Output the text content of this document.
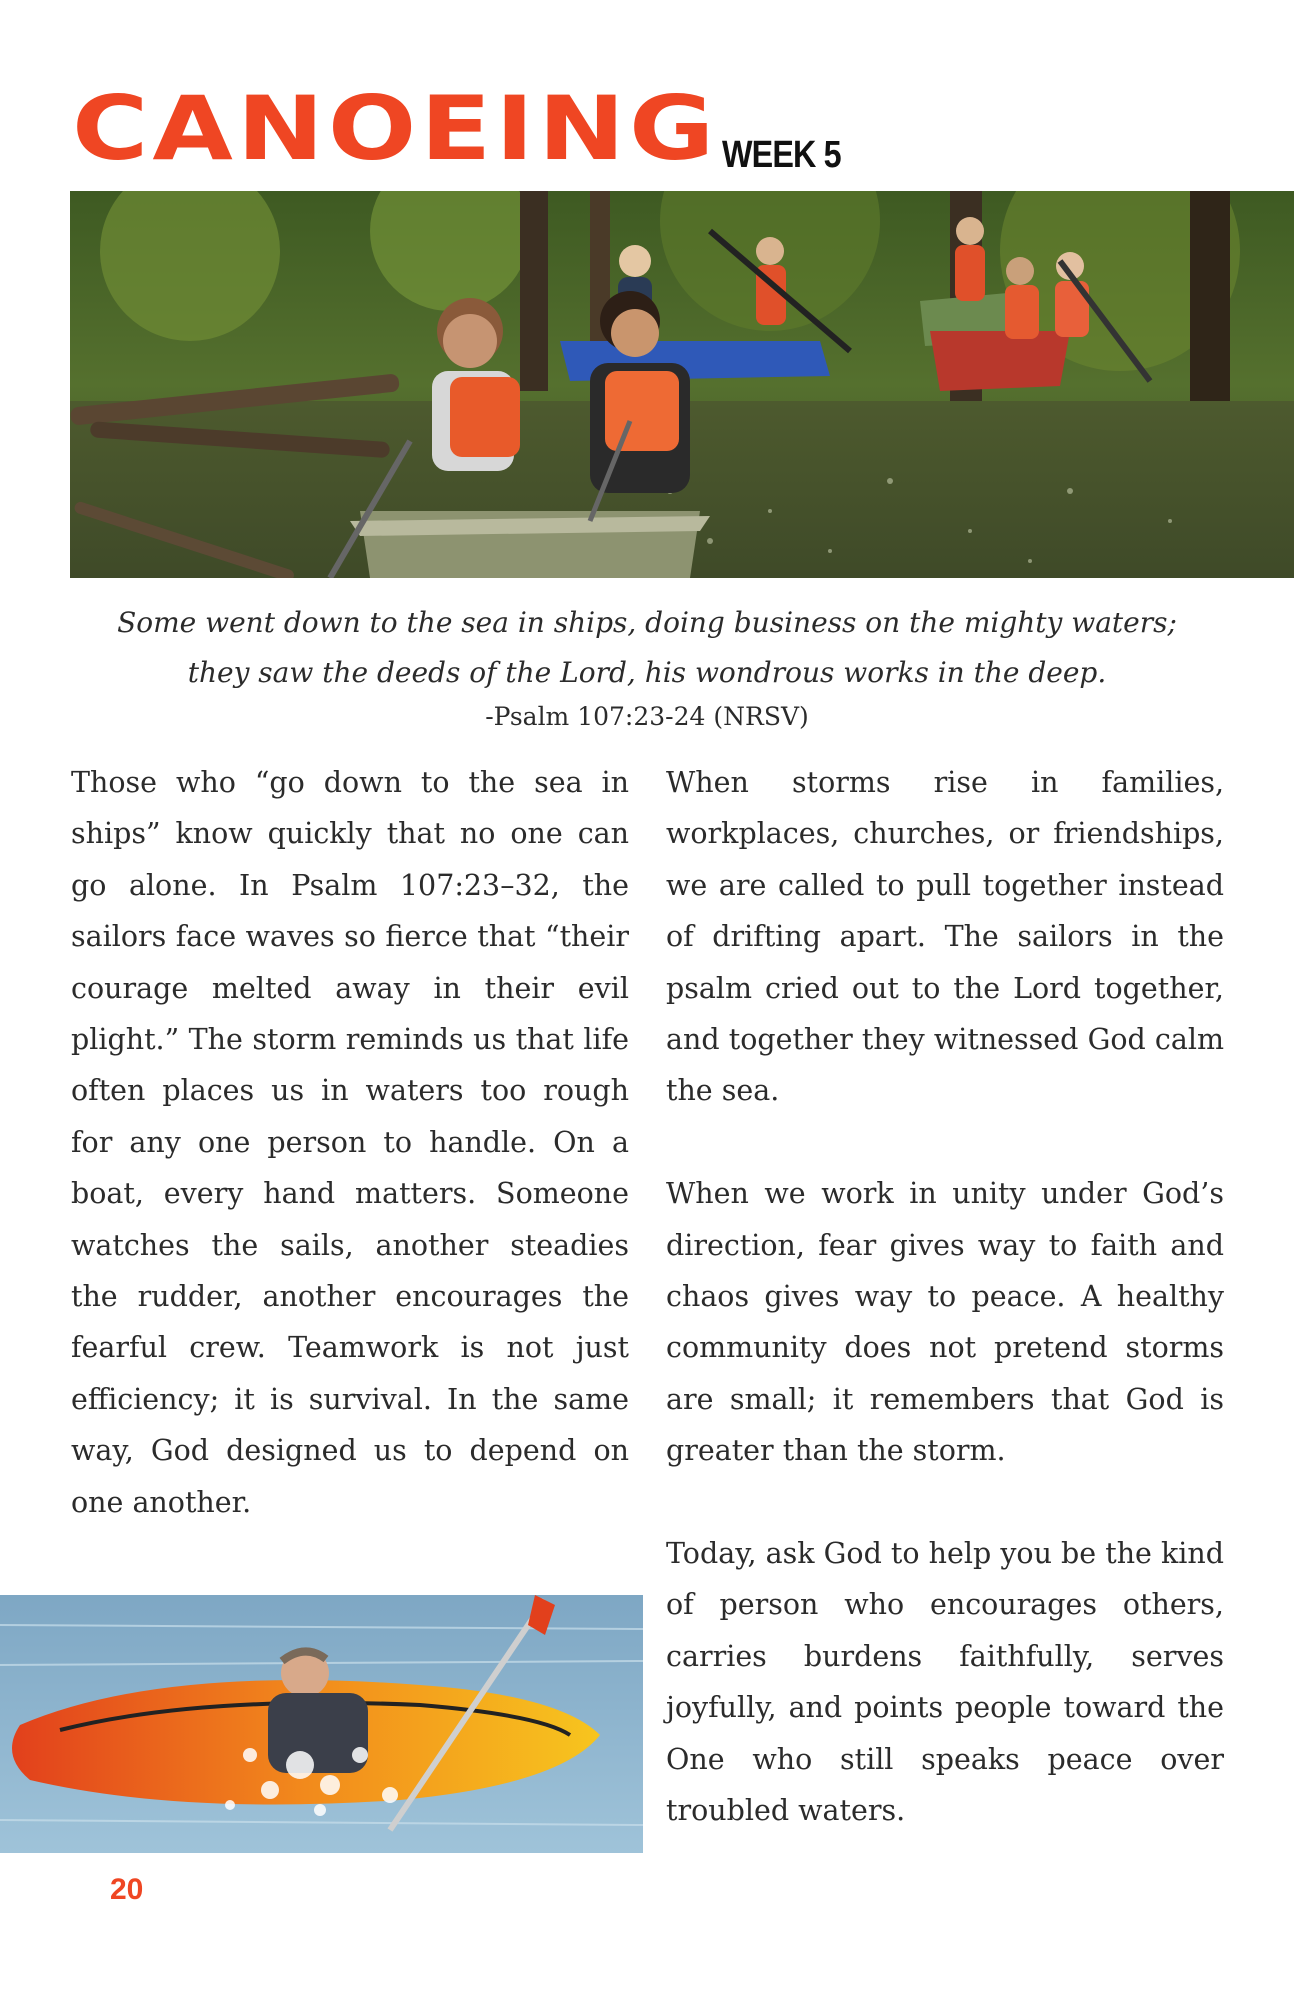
CANOEING WEEK 5
Some went down to the sea in ships, doing business on the mighty waters;
they saw the deeds of the Lord, his wondrous works in the deep.
-Psalm 107:23-24 (NRSV)

Those who “go down to the sea in ships” know quickly that no one can go alone. In Psalm 107:23–32, the sailors face waves so fierce that “their courage melted away in their evil plight.” The storm reminds us that life often places us in waters too rough for any one person to handle. On a boat, every hand matters. Someone watches the sails, another steadies the rudder, another encourages the fearful crew. Teamwork is not just efficiency; it is survival. In the same way, God designed us to depend on one another.

When storms rise in families, workplaces, churches, or friendships, we are called to pull together instead of drifting apart. The sailors in the psalm cried out to the Lord together, and together they witnessed God calm the sea.

When we work in unity under God’s direction, fear gives way to faith and chaos gives way to peace. A healthy community does not pretend storms are small; it remembers that God is greater than the storm.

Today, ask God to help you be the kind of person who encourages others, carries burdens faithfully, serves joyfully, and points people toward the One who still speaks peace over troubled waters.

20
